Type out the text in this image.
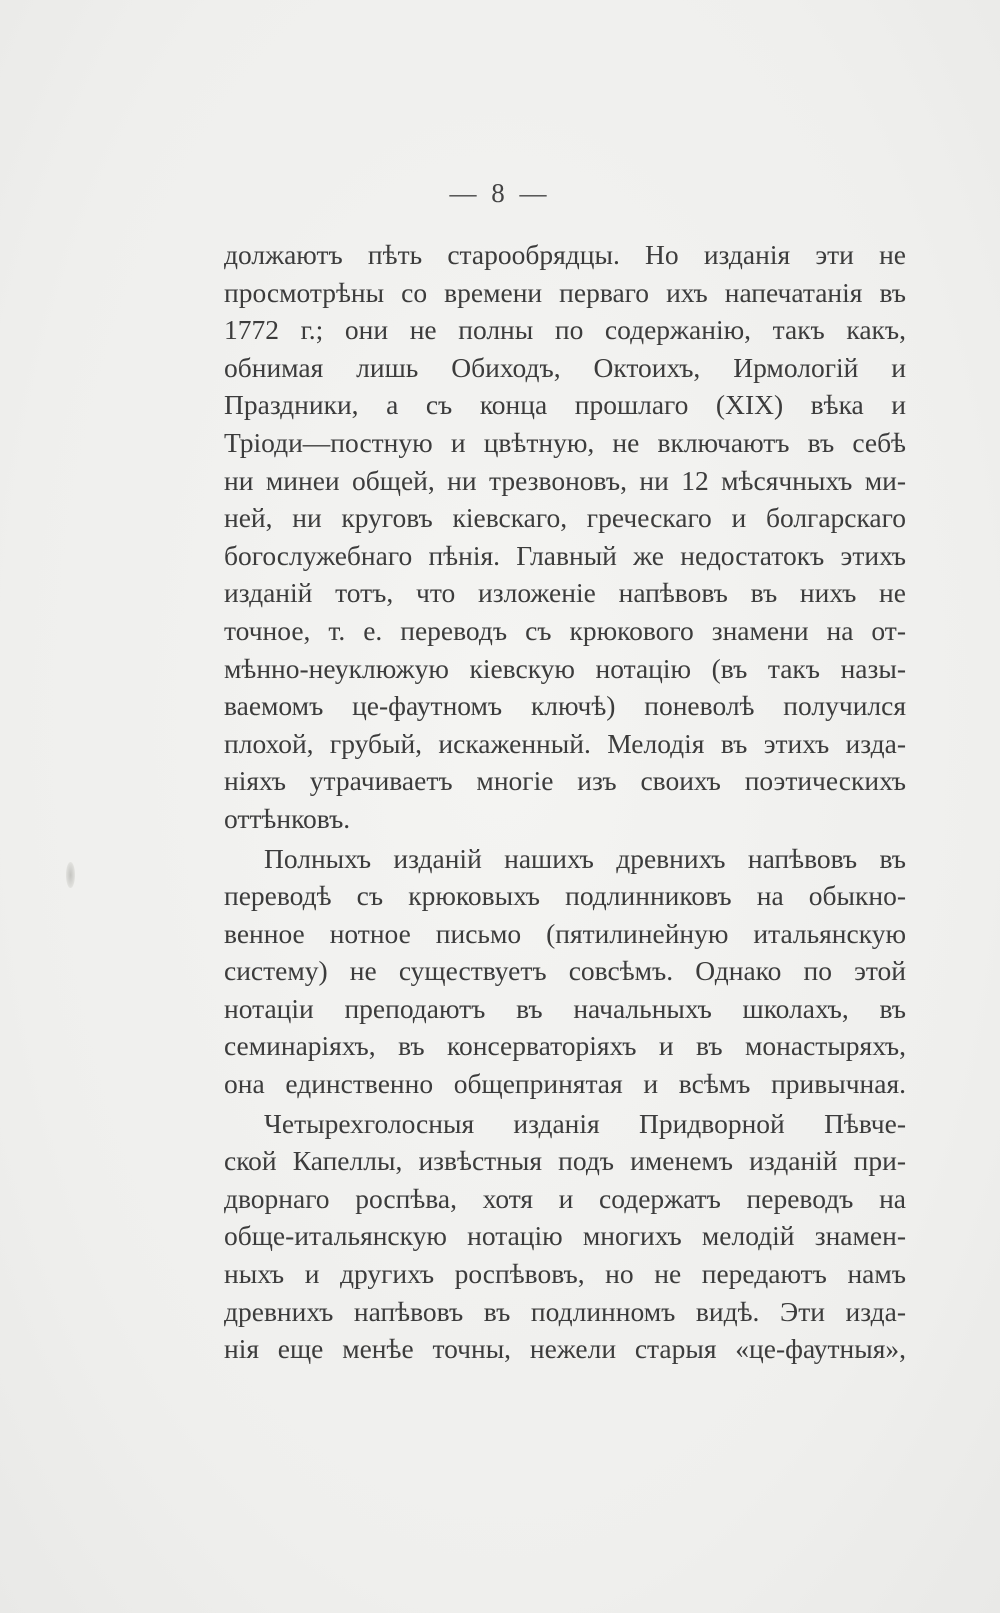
— 8 —
должаютъ пѣть старообрядцы. Но изданія эти не
просмотрѣны со времени перваго ихъ напечатанія въ
1772 г.; они не полны по содержанію, такъ какъ,
обнимая лишь Обиходъ, Октоихъ, Ирмологій и
Праздники, а съ конца прошлаго (XIX) вѣка и
Тріоди—постную и цвѣтную, не включаютъ въ себѣ
ни минеи общей, ни трезвоновъ, ни 12 мѣсячныхъ ми-
ней, ни круговъ кіевскаго, греческаго и болгарскаго
богослужебнаго пѣнія. Главный же недостатокъ этихъ
изданій тотъ, что изложеніе напѣвовъ въ нихъ не
точное, т. е. переводъ съ крюкового знамени на от-
мѣнно-неуклюжую кіевскую нотацію (въ такъ назы-
ваемомъ це-фаутномъ ключѣ) поневолѣ получился
плохой, грубый, искаженный. Мелодія въ этихъ изда-
ніяхъ утрачиваетъ многіе изъ своихъ поэтическихъ
оттѣнковъ.
Полныхъ изданій нашихъ древнихъ напѣвовъ въ
переводѣ съ крюковыхъ подлинниковъ на обыкно-
венное нотное письмо (пятилинейную итальянскую
систему) не существуетъ совсѣмъ. Однако по этой
нотаціи преподаютъ въ начальныхъ школахъ, въ
семинаріяхъ, въ консерваторіяхъ и въ монастыряхъ,
она единственно общепринятая и всѣмъ привычная.
Четырехголосныя изданія Придворной Пѣвче-
ской Капеллы, извѣстныя подъ именемъ изданій при-
дворнаго роспѣва, хотя и содержатъ переводъ на
обще-итальянскую нотацію многихъ мелодій знамен-
ныхъ и другихъ роспѣвовъ, но не передаютъ намъ
древнихъ напѣвовъ въ подлинномъ видѣ. Эти изда-
нія еще менѣе точны, нежели старыя «це-фаутныя»,
